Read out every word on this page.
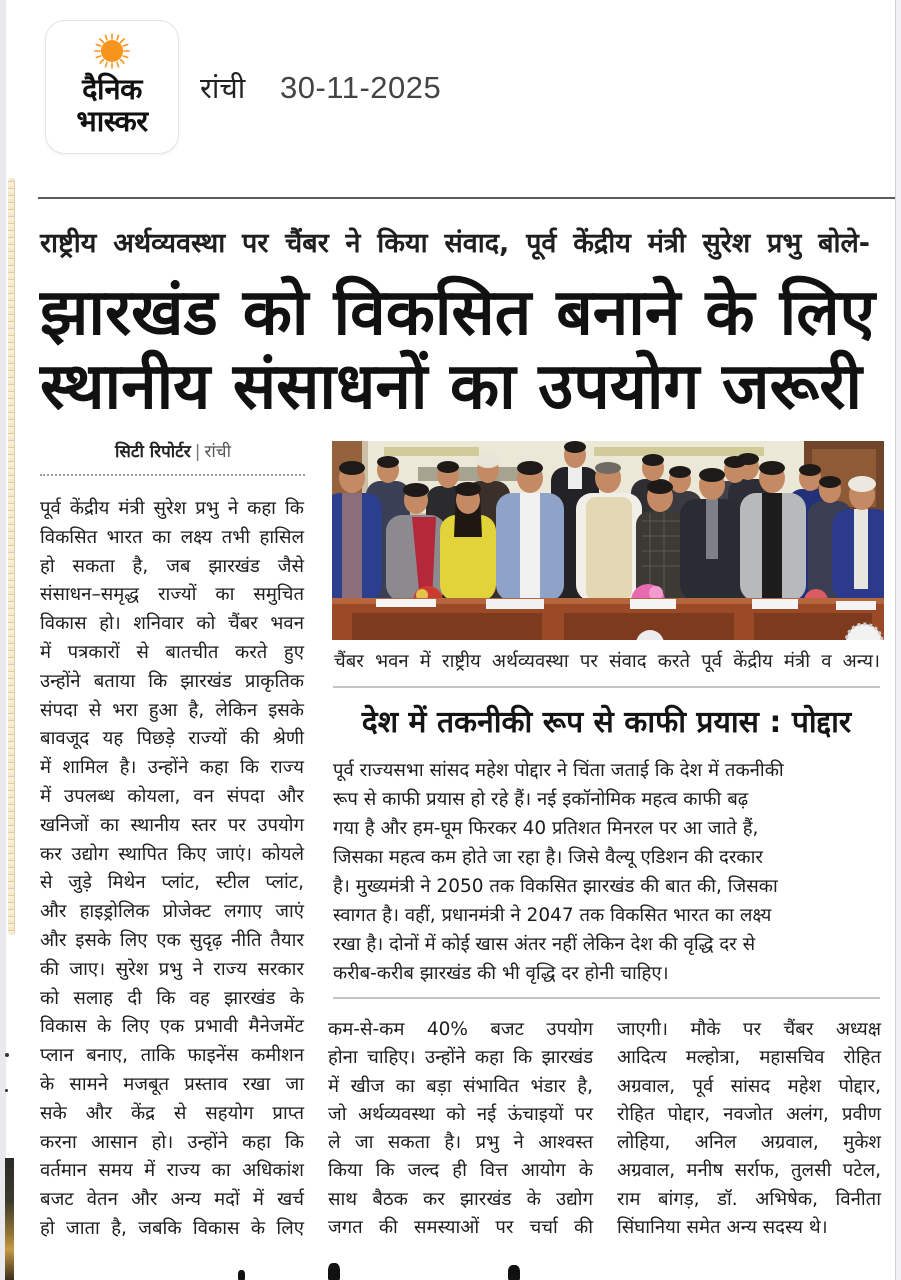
दैनिक
भास्कर
रांची 30-11-2025
राष्ट्रीय अर्थव्यवस्था पर चैंबर ने किया संवाद, पूर्व केंद्रीय मंत्री सुरेश प्रभु बोले-
झारखंड को विकसित बनाने के लिए
स्थानीय संसाधनों का उपयोग जरूरी
सिटी रिपोर्टर | रांची
पूर्व केंद्रीय मंत्री सुरेश प्रभु ने कहा कि
विकसित भारत का लक्ष्य तभी हासिल
हो सकता है, जब झारखंड जैसे
संसाधन–समृद्ध राज्यों का समुचित
विकास हो। शनिवार को चैंबर भवन
में पत्रकारों से बातचीत करते हुए
उन्होंने बताया कि झारखंड प्राकृतिक
संपदा से भरा हुआ है, लेकिन इसके
बावजूद यह पिछड़े राज्यों की श्रेणी
में शामिल है। उन्होंने कहा कि राज्य
में उपलब्ध कोयला, वन संपदा और
खनिजों का स्थानीय स्तर पर उपयोग
कर उद्योग स्थापित किए जाएं। कोयले
से जुड़े मिथेन प्लांट, स्टील प्लांट,
और हाइड्रोलिक प्रोजेक्ट लगाए जाएं
और इसके लिए एक सुदृढ़ नीति तैयार
की जाए। सुरेश प्रभु ने राज्य सरकार
को सलाह दी कि वह झारखंड के
विकास के लिए एक प्रभावी मैनेजमेंट
प्लान बनाए, ताकि फाइनेंस कमीशन
के सामने मजबूत प्रस्ताव रखा जा
सके और केंद्र से सहयोग प्राप्त
करना आसान हो। उन्होंने कहा कि
वर्तमान समय में राज्य का अधिकांश
बजट वेतन और अन्य मदों में खर्च
हो जाता है, जबकि विकास के लिए
चैंबर भवन में राष्ट्रीय अर्थव्यवस्था पर संवाद करते पूर्व केंद्रीय मंत्री व अन्य।
देश में तकनीकी रूप से काफी प्रयास : पोद्दार
पूर्व राज्यसभा सांसद महेश पोद्दार ने चिंता जताई कि देश में तकनीकी
रूप से काफी प्रयास हो रहे हैं। नई इकॉनोमिक महत्व काफी बढ़
गया है और हम-घूम फिरकर 40 प्रतिशत मिनरल पर आ जाते हैं,
जिसका महत्व कम होते जा रहा है। जिसे वैल्यू एडिशन की दरकार
है। मुख्यमंत्री ने 2050 तक विकसित झारखंड की बात की, जिसका
स्वागत है। वहीं, प्रधानमंत्री ने 2047 तक विकसित भारत का लक्ष्य
रखा है। दोनों में कोई खास अंतर नहीं लेकिन देश की वृद्धि दर से
करीब-करीब झारखंड की भी वृद्धि दर होनी चाहिए।
कम-से-कम 40% बजट उपयोग
होना चाहिए। उन्होंने कहा कि झारखंड
में खीज का बड़ा संभावित भंडार है,
जो अर्थव्यवस्था को नई ऊंचाइयों पर
ले जा सकता है। प्रभु ने आश्वस्त
किया कि जल्द ही वित्त आयोग के
साथ बैठक कर झारखंड के उद्योग
जगत की समस्याओं पर चर्चा की
जाएगी। मौके पर चैंबर अध्यक्ष
आदित्य मल्होत्रा, महासचिव रोहित
अग्रवाल, पूर्व सांसद महेश पोद्दार,
रोहित पोद्दार, नवजोत अलंग, प्रवीण
लोहिया, अनिल अग्रवाल, मुकेश
अग्रवाल, मनीष सर्राफ, तुलसी पटेल,
राम बांगड़, डॉ. अभिषेक, विनीता
सिंघानिया समेत अन्य सदस्य थे।
